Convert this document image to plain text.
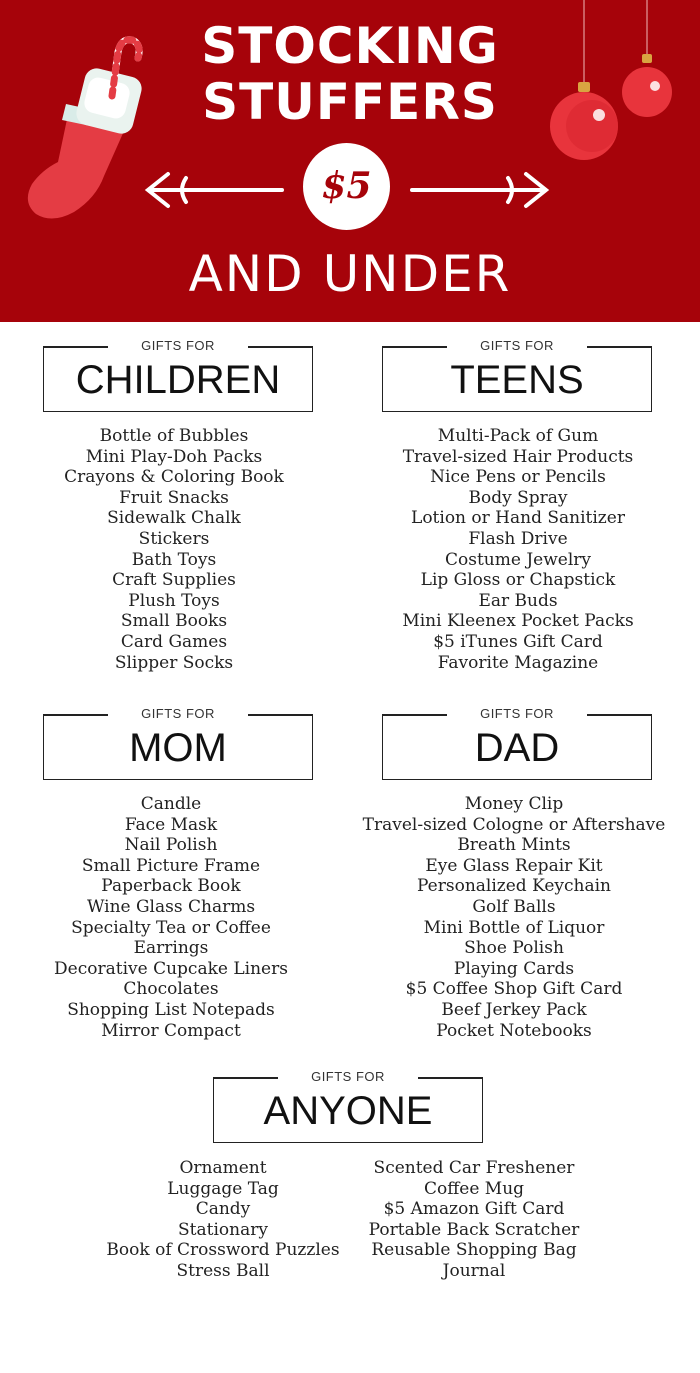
STOCKING
STUFFERS
$5
AND UNDER
GIFTS FOR
CHILDREN
Bottle of Bubbles
Mini Play-Doh Packs
Crayons & Coloring Book
Fruit Snacks
Sidewalk Chalk
Stickers
Bath Toys
Craft Supplies
Plush Toys
Small Books
Card Games
Slipper Socks
GIFTS FOR
TEENS
Multi-Pack of Gum
Travel-sized Hair Products
Nice Pens or Pencils
Body Spray
Lotion or Hand Sanitizer
Flash Drive
Costume Jewelry
Lip Gloss or Chapstick
Ear Buds
Mini Kleenex Pocket Packs
$5 iTunes Gift Card
Favorite Magazine
GIFTS FOR
MOM
Candle
Face Mask
Nail Polish
Small Picture Frame
Paperback Book
Wine Glass Charms
Specialty Tea or Coffee
Earrings
Decorative Cupcake Liners
Chocolates
Shopping List Notepads
Mirror Compact
GIFTS FOR
DAD
Money Clip
Travel-sized Cologne or Aftershave
Breath Mints
Eye Glass Repair Kit
Personalized Keychain
Golf Balls
Mini Bottle of Liquor
Shoe Polish
Playing Cards
$5 Coffee Shop Gift Card
Beef Jerkey Pack
Pocket Notebooks
GIFTS FOR
ANYONE
Ornament
Luggage Tag
Candy
Stationary
Book of Crossword Puzzles
Stress Ball
Scented Car Freshener
Coffee Mug
$5 Amazon Gift Card
Portable Back Scratcher
Reusable Shopping Bag
Journal
